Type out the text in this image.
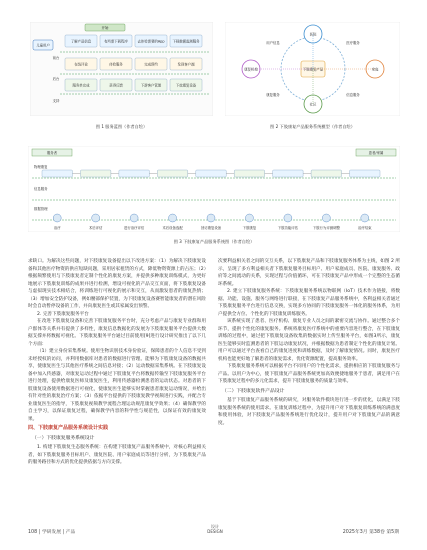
儿童用户
开始
了解产品信息	有所需下载程序	去体验需要的App 下载数据监测服务
在线评论	体验服务	完成预约	发现客户端
服务单完成	获得反馈	下游客户管理	下放康复设备
前台
后台
支持
图 1 服务蓝图（作者自绘）
下肢康复产品
医院
家庭
社区
康复机构
医疗服务
信息服务
康复服务
用户信息
图 2 下肢康复产品服务系统模型（作者自绘）
服务者	患者/家属
物理康复
信息服务
数据管理
治疗	术后评估	进行治疗评估	术后设备选配	回访康复设备	下肢康复	下肢功能评估	下肢行为评测调整	治疗结束
图 3 下肢康复产品服务系统图（作者自绘）

求缺口。为解决这些问题，对下肢康复设备提出以下改进方案：（1）为解决下肢康复设备和其他医疗物资的供应短缺问题，采用居家租赁的方式，降低物资资源上的占压；（2）根据频繁使用与下肢康复者定制个性化的康复方案，并提供多种康复训练模式，为更好地展示下肢康复训练的成果并进行检测，增设可视化的产品交互页面，将下肢康复设备与虚拟现实技术相结合，将训练进行可视化的展示和交互，从而激发患者的康复热情；（3）增加安全防护设备，例如腰部保护装置，为下肢康复设备赛智能康复者的潜在风险时会自动暂停设备的工作，并向康复医生或其家属发出预警。

2. 完善下肢康复服务平台

在改进下肢康复设备和完善下肢康复服务平台时，充分考虑产品与康复专业群和用户群体等关系并有提供了多样性，康复信息数据化的发展为下肢康复服务平台提供大数据支撑并将数据可视化。下肢康复服务平台通过目前使用[9]进行设计研究推出了以下几个方面：

（1）建立身份采集系统。使用生物识别技术身份验证，保障患者的个人信息不受到未经授权的访问，并利用数据库对患者的数据进行管理。能够为下肢康复设备的数据共享，使康复医生与其他医疗系统之间信息对接；（2）运动数据采集系统。在下肢康复设备中加入传感器，对康复运动过程中通过下肢康复平台将数据传输至下肢康复服务平台进行处理，提供给康复医师及康复医生，利用传感器检测患者的运动状态。对患者的下肢康复设备使用数据进行可视化，使康复医生能够实时掌握患者康复运动情况，并给出有针对性的康复治疗方案；（3）依据平台提供的下肢康复教学视频进行实践，并配合专业康复医生的指导，下肢康复视频教学流程合理运动规范康复学效果；（4）确保教学的自主学习，以保证康复过程，确保教学内容的科学性与规范性，以保证有效的康复效果。

四、下肢康复产品服务系统设计实践
（一）下肢康复服务系统设计

1. 构建下肢康复生态服务系统：在构建下肢康复产品服务系统中，对核心利益相关者，如下肢康复服务目标用户、康复医院、用户家庭成员等进行分析，为下肢康复产品的服务路径和方式的优化提供依据与方向支撑。

次要利益相关者之间的交互关系，以下肢康复产品和下肢康复服务体系为主线，如图 2 所示，呈现了多方利益相关者下肢康复服务目标用户、用户家庭成员、医院、康复服务、政府等之间流动的关系，实现过程与价值循环，可在下肢康复产品中形成一个完整的生态循环系统。

2. 建立下肢康复服务系统：下肢康复服务系统以物联网（IoT）技术作为链接，将数据、功能、设施、服务与网络进行联接，在下肢康复产品服务系统中，各利益相关者通过下肢康复服务平台进行信息交换，实现多方协同的下肢康复服务一体化的服务体系，为用户提供全方位、个性化的下肢康复训练服务。

该系统实现了患者、医疗机构、康复专业人员之间的紧密交流与协作。通过整合多个环节，提供个性化的康复服务。系统将康复医疗系统中的重要内容进行整合，在下肢康复训练的过程中，通过把下肢康复设备收集的数据实时上传至服务平台，如图3所示，康复医生能够实时监测患者的下肢运动康复状况，并根据数据为患者制定个性化的康复计划。用户可以通过平台查看自己的康复进度和训练数据，及时了解康复情况。同时，康复医疗机构也能更好地了解患者的康复需求，优化资源配置，提高服务效率。

下肢康复服务系统可以根据平台不同用户的个性化需求，提供相应的下肢康复服务与产品。以用户为中心，使下肢康复产品服务系统更加高效便捷地服务于患者，满足用户在下肢康复过程中的多元化需求，提升下肢康复服务的质量与效率。

（二）下肢康复软件产品设计

基于下肢康复产品服务系统的研究，对服务软件模块进行进一步的优化，以满足下肢康复服务系统的使用需求。在康复训练过程中，为提升用户对下肢康复训练系统的满意度和使用体验，对下肢康复产品服务系统进行优化设计，提升用户对下肢康复产品的满意度。

108 | 学研发展 | 产品
设计
DESIGN	2025年3月 第38卷 第5期
